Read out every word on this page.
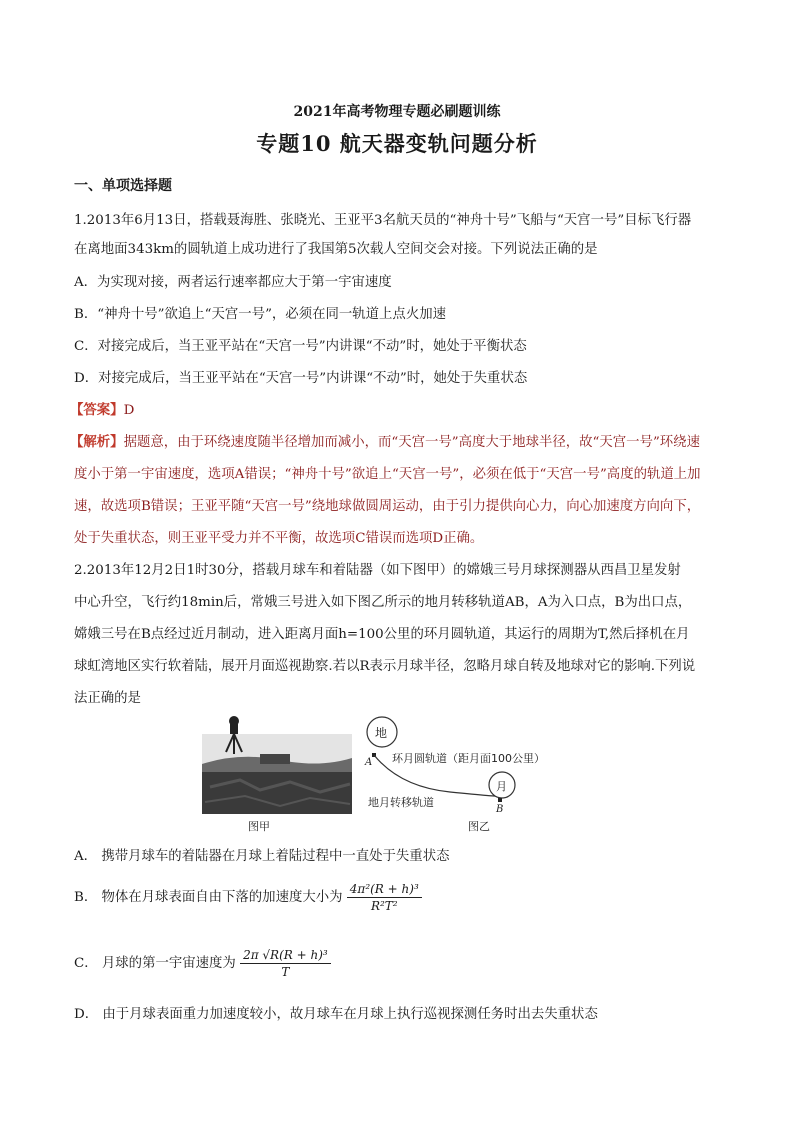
2021年高考物理专题必刷题训练
专题10 航天器变轨问题分析
一、单项选择题
1.2013年6月13日，搭载聂海胜、张晓光、王亚平3名航天员的“神舟十号”飞船与“天宫一号”目标飞行器
在离地面343km的圆轨道上成功进行了我国第5次载人空间交会对接。下列说法正确的是
A．为实现对接，两者运行速率都应大于第一宇宙速度
B．“神舟十号”欲追上“天宫一号”，必须在同一轨道上点火加速
C．对接完成后，当王亚平站在“天宫一号”内讲课“不动”时，她处于平衡状态
D．对接完成后，当王亚平站在“天宫一号”内讲课“不动”时，她处于失重状态
【答案】D
【解析】据题意，由于环绕速度随半径增加而减小，而“天宫一号”高度大于地球半径，故“天宫一号”环绕速
度小于第一宇宙速度，选项A错误；“神舟十号”欲追上“天宫一号”，必须在低于“天宫一号”高度的轨道上加
速，故选项B错误；王亚平随“天宫一号”绕地球做圆周运动，由于引力提供向心力，向心加速度方向向下，
处于失重状态，则王亚平受力并不平衡，故选项C错误而选项D正确。
2.2013年12月2日1时30分，搭载月球车和着陆器（如下图甲）的嫦娥三号月球探测器从西昌卫星发射
中心升空，飞行约18min后，常娥三号进入如下图乙所示的地月转移轨道AB，A为入口点，B为出口点，
嫦娥三号在B点经过近月制动，进入距离月面h=100公里的环月圆轨道，其运行的周期为T,然后择机在月
球虹湾地区实行软着陆，展开月面巡视勘察.若以R表示月球半径，忽略月球自转及地球对它的影响.下列说
法正确的是
图甲
地
A
月
B
环月圆轨道（距月面100公里）
地月转移轨道
图乙
A． 携带月球车的着陆器在月球上着陆过程中一直处于失重状态
B． 物体在月球表面自由下落的加速度大小为 $\frac{\text{4π²(R + h)³}}{\text{R²T²}}$
C． 月球的第一宇宙速度为 $\frac{\text{2π √R(R + h)³}}{T}$
D． 由于月球表面重力加速度较小，故月球车在月球上执行巡视探测任务时出去失重状态
